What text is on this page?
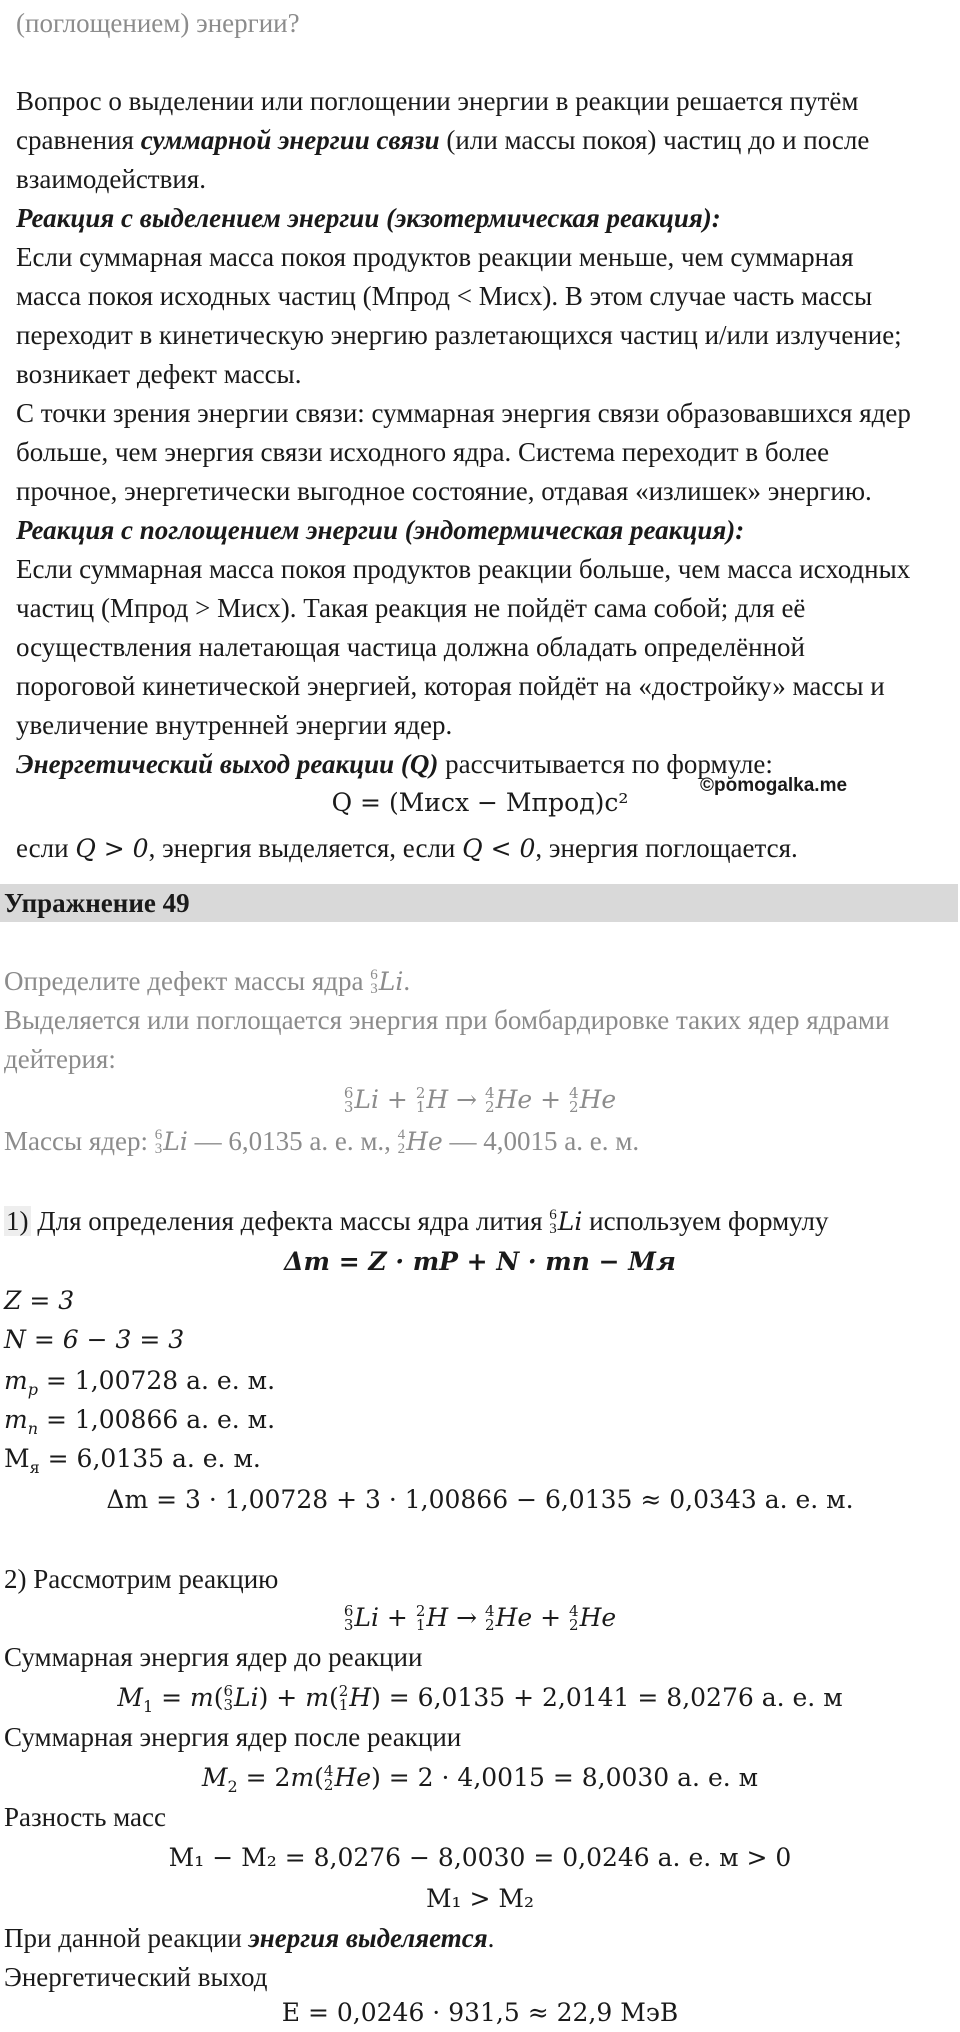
(поглощением) энергии?
Вопрос о выделении или поглощении энергии в реакции решается путём
сравнения суммарной энергии связи (или массы покоя) частиц до и после
взаимодействия.
Реакция с выделением энергии (экзотермическая реакция):
Если суммарная масса покоя продуктов реакции меньше, чем суммарная
масса покоя исходных частиц (Мпрод < Мисх). В этом случае часть массы
переходит в кинетическую энергию разлетающихся частиц и/или излучение;
возникает дефект массы.
С точки зрения энергии связи: суммарная энергия связи образовавшихся ядер
больше, чем энергия связи исходного ядра. Система переходит в более
прочное, энергетически выгодное состояние, отдавая «излишек» энергию.
Реакция с поглощением энергии (эндотермическая реакция):
Если суммарная масса покоя продуктов реакции больше, чем масса исходных
частиц (Мпрод > Мисх). Такая реакция не пойдёт сама собой; для её
осуществления налетающая частица должна обладать определённой
пороговой кинетической энергией, которая пойдёт на «достройку» массы и
увеличение внутренней энергии ядер.
Энергетический выход реакции (Q) рассчитывается по формуле:
Q = (Mисх − Mпрод)c²
©pomogalka.me
если Q > 0, энергия выделяется, если Q < 0, энергия поглощается.
Упражнение 49
Определите дефект массы ядра 6
3 Li.
Выделяется или поглощается энергия при бомбардировке таких ядер ядрами
дейтерия:
6
3 Li + 2
1 H → 4
2 He + 4
2 He
Массы ядер: 6
3 Li — 6,0135 а. е. м., 4
2 He — 4,0015 а. е. м.
1) Для определения дефекта массы ядра лития 6
3 Li используем формулу
Δm = Z · mP + N · mn − Mя
Z = 3
N = 6 − 3 = 3
$m_p = 1,00728$ а. е. м.
$m_n = 1,00866$ а. е. м.
$M_я = 6,0135$ а. е. м.
Δm = 3 · 1,00728 + 3 · 1,00866 − 6,0135 ≈ 0,0343 а. е. м.
2) Рассмотрим реакцию
6
3 Li + 2
1 H → 4
2 He + 4
2 He
Суммарная энергия ядер до реакции
$M_1 = m$( 6
3 Li) + m( 2
1 H) = 6,0135 + 2,0141 = 8,0276 а. е. м
Суммарная энергия ядер после реакции
$M_2 = 2m$( 4
2 He) = 2 · 4,0015 = 8,0030 а. е. м
Разность масс
M₁ − M₂ = 8,0276 − 8,0030 = 0,0246 а. е. м > 0
M₁ > M₂
При данной реакции энергия выделяется.
Энергетический выход
E = 0,0246 · 931,5 ≈ 22,9 МэВ
